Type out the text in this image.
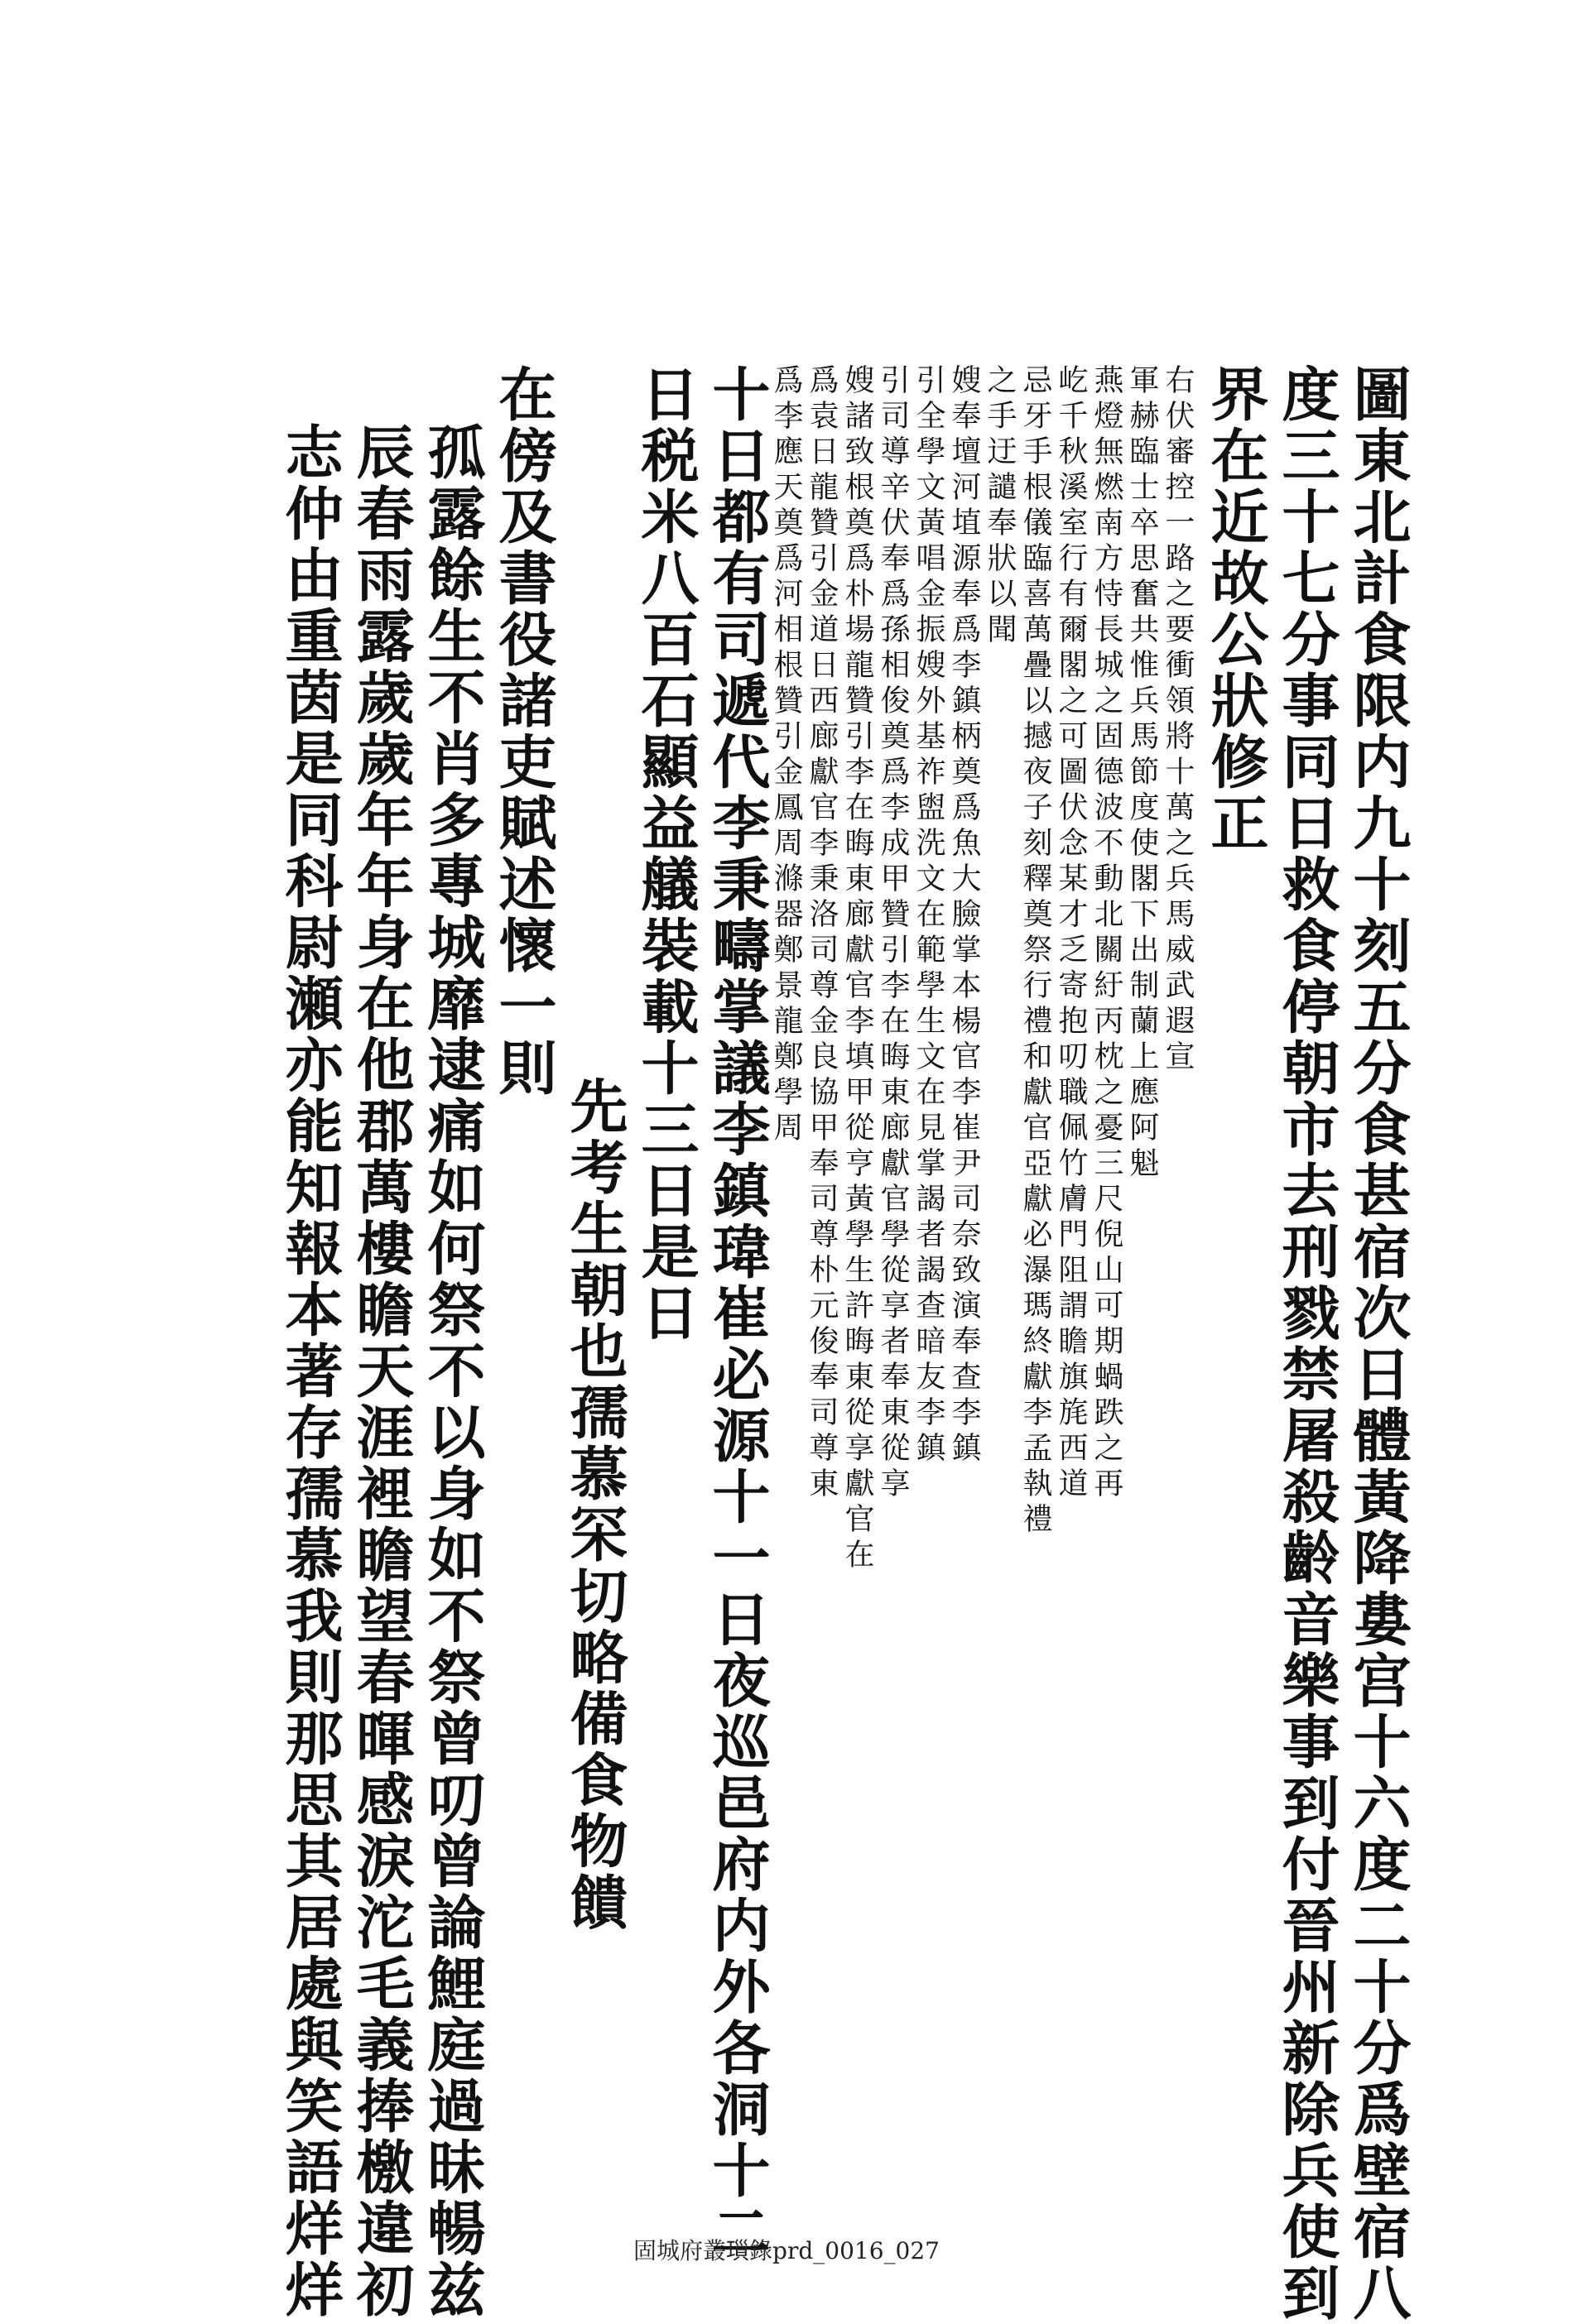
圖東北計食限内九十刻五分食甚宿次日體黃降婁宫十六度二十分爲壁宿八
度三十七分事同日救食停朝市去刑戮禁屠殺齡音樂事到付晉州新除兵使到
界在近故公狀修正
右伏審控一路之要衝領將十萬之兵馬威武遐宣
軍赫臨士卒思奮共惟兵馬節度使閣下出制蘭上應阿魁
燕燈無燃南方恃長城之固德波不動北關紆丙枕之憂三尺倪山可期蝸跌之再
屹千秋溪室行有爾閣之可圖伏念某才乏寄抱叨職佩竹膚門阻謂瞻旗旄西道
忌牙手根儀臨喜萬疊以撼夜子刻釋奠祭行禮和獻官亞獻必瀑瑪終獻李孟執禮
之手迂譴奉狀以聞
嫂奉壇河埴源奉爲李鎮柄奠爲魚大臉掌本楊官李崔尹司奈致演奉查李鎮
引全學文黃唱金振嫂外基祚盥洗文在範學生文在見掌謁者謁查暗友李鎮
引司導辛伏奉爲孫相俊奠爲李成甲贊引李在晦東廊獻官學從享者奉東從享
嫂諸致根奠爲朴場龍贊引李在晦東廊獻官李填甲從亨黃學生許晦東從享獻官在
爲袁日龍贊引金道日西廊獻官李秉洛司尊金良協甲奉司尊朴元俊奉司尊東
爲李應天奠爲河相根贊引金鳳周滌器鄭景龍鄭學周
十日都有司遞代李秉疇掌議李鎮瑋崔必源十一日夜巡邑府内外各洞十二
日税米八百石顯益艤裝載十三日是日
先考生朝也孺慕罙切略備食物饋
在傍及書役諸吏賦述懷一則
孤露餘生不肖多專城靡逮痛如何祭不以身如不祭曾叨曾論鯉庭過昧暢兹
辰春雨露歲歲年年身在他郡萬樓瞻天涯裡瞻望春暉感淚沱毛義捧檄違初
志仲由重茵是同科尉瀬亦能知報本著存孺慕我則那思其居處與笑語烊烊	固城府叢𤨏錄prd_0016_027
